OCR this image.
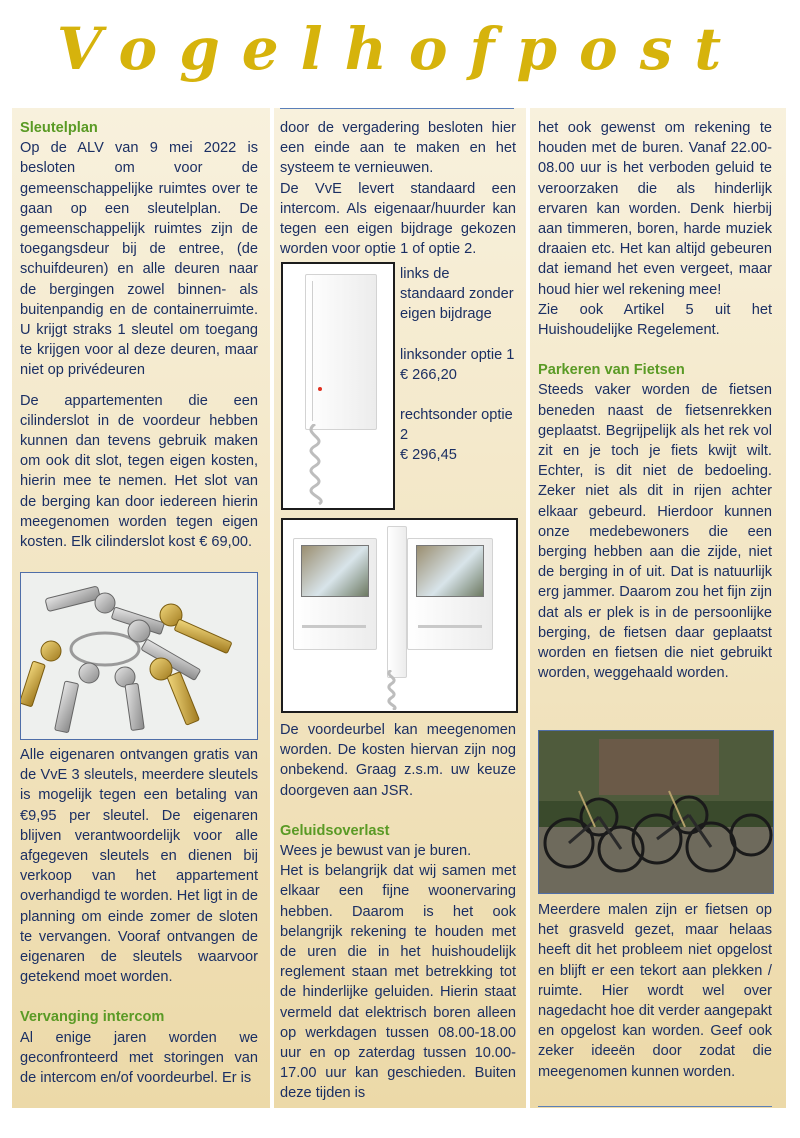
Vogelhofpost

Sleutelplan

Op de ALV van 9 mei 2022 is besloten om voor de gemeenschappelijke ruimtes over te gaan op een sleutelplan. De gemeenschappelijk ruimtes zijn de toegangsdeur bij de entree, (de schuifdeuren) en alle deuren naar de bergingen zowel binnen- als buitenpandig en de containerruimte. U krijgt straks 1 sleutel om toegang te krijgen voor al deze deuren, maar niet op privédeuren

De appartementen die een cilinderslot in de voordeur hebben kunnen dan tevens gebruik maken om ook dit slot, tegen eigen kosten, hierin mee te nemen. Het slot van de berging kan door iedereen hierin meegenomen worden tegen eigen kosten. Elk cilinderslot kost € 69,00.

Alle eigenaren ontvangen gratis van de VvE 3 sleutels, meerdere sleutels is mogelijk tegen een betaling van €9,95 per sleutel. De eigenaren blijven verantwoordelijk voor alle afgegeven sleutels en dienen bij verkoop van het appartement overhandigd te worden. Het ligt in de planning om einde zomer de sloten te vervangen. Vooraf ontvangen de eigenaren de sleutels waarvoor getekend moet worden.

Vervanging intercom

Al enige jaren worden we geconfronteerd met storingen van de intercom en/of voordeurbel. Er is

door de vergadering besloten hier een einde aan te maken en het systeem te vernieuwen.

De VvE levert standaard een intercom. Als eigenaar/huurder kan tegen een eigen bijdrage gekozen worden voor optie 1 of optie 2.

links de standaard zonder eigen bijdrage

linksonder optie 1

€ 266,20

rechtsonder optie 2

€ 296,45

De voordeurbel kan meegenomen worden. De kosten hiervan zijn nog onbekend. Graag z.s.m. uw keuze doorgeven aan JSR.

Geluidsoverlast

Wees je bewust van je buren.

Het is belangrijk dat wij samen met elkaar een fijne woonervaring hebben. Daarom is het ook belangrijk rekening te houden met de uren die in het huishoudelijk reglement staan met betrekking tot de hinderlijke geluiden. Hierin staat vermeld dat elektrisch boren alleen op werkdagen tussen 08.00-18.00 uur en op zaterdag tussen 10.00-17.00 uur kan geschieden. Buiten deze tijden is

het ook gewenst om rekening te houden met de buren. Vanaf 22.00-08.00 uur is het verboden geluid te veroorzaken die als hinderlijk ervaren kan worden. Denk hierbij aan timmeren, boren, harde muziek draaien etc. Het kan altijd gebeuren dat iemand het even vergeet, maar houd hier wel rekening mee!

Zie ook Artikel 5 uit het Huishoudelijke Regelement.

Parkeren van Fietsen

Steeds vaker worden de fietsen beneden naast de fietsenrekken geplaatst. Begrijpelijk als het rek vol zit en je toch je fiets kwijt wilt. Echter, is dit niet de bedoeling. Zeker niet als dit in rijen achter elkaar gebeurd. Hierdoor kunnen onze medebewoners die een berging hebben aan die zijde, niet de berging in of uit. Dat is natuurlijk erg jammer. Daarom zou het fijn zijn dat als er plek is in de persoonlijke berging, de fietsen daar geplaatst worden en fietsen die niet gebruikt worden, weggehaald worden.

Meerdere malen zijn er fietsen op het grasveld gezet, maar helaas heeft dit het probleem niet opgelost en blijft er een tekort aan plekken / ruimte. Hier wordt wel over nagedacht hoe dit verder aangepakt en opgelost kan worden. Geef ook zeker ideeën door zodat die meegenomen kunnen worden.
